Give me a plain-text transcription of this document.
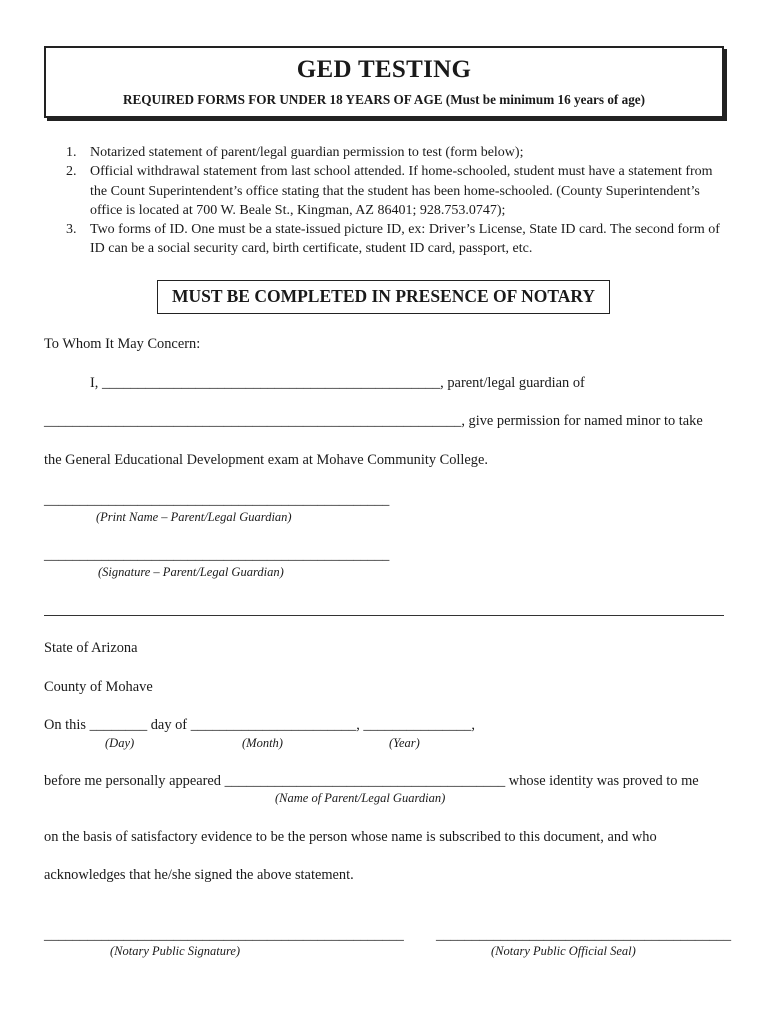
GED TESTING
REQUIRED FORMS FOR UNDER 18 YEARS OF AGE (Must be minimum 16 years of age)
1. Notarized statement of parent/legal guardian permission to test (form below);
2. Official withdrawal statement from last school attended. If home-schooled, student must have a statement from the Count Superintendent’s office stating that the student has been home-schooled. (County Superintendent’s office is located at 700 W. Beale St., Kingman, AZ 86401; 928.753.0747);
3. Two forms of ID. One must be a state-issued picture ID, ex: Driver’s License, State ID card. The second form of ID can be a social security card, birth certificate, student ID card, passport, etc.
MUST BE COMPLETED IN PRESENCE OF NOTARY
To Whom It May Concern:
I, _______________________________________________, parent/legal guardian of
__________________________________________________________, give permission for named minor to take
the General Educational Development exam at Mohave Community College.
________________________________________________
(Print Name – Parent/Legal Guardian)
________________________________________________
(Signature – Parent/Legal Guardian)
State of Arizona
County of Mohave
On this ________ day of _______________________, _______________,
(Day)	(Month)	(Year)
before me personally appeared _______________________________________ whose identity was proved to me
(Name of Parent/Legal Guardian)
on the basis of satisfactory evidence to be the person whose name is subscribed to this document, and who
acknowledges that he/she signed the above statement.
__________________________________________________
(Notary Public Signature)
_________________________________________
(Notary Public Official Seal)
